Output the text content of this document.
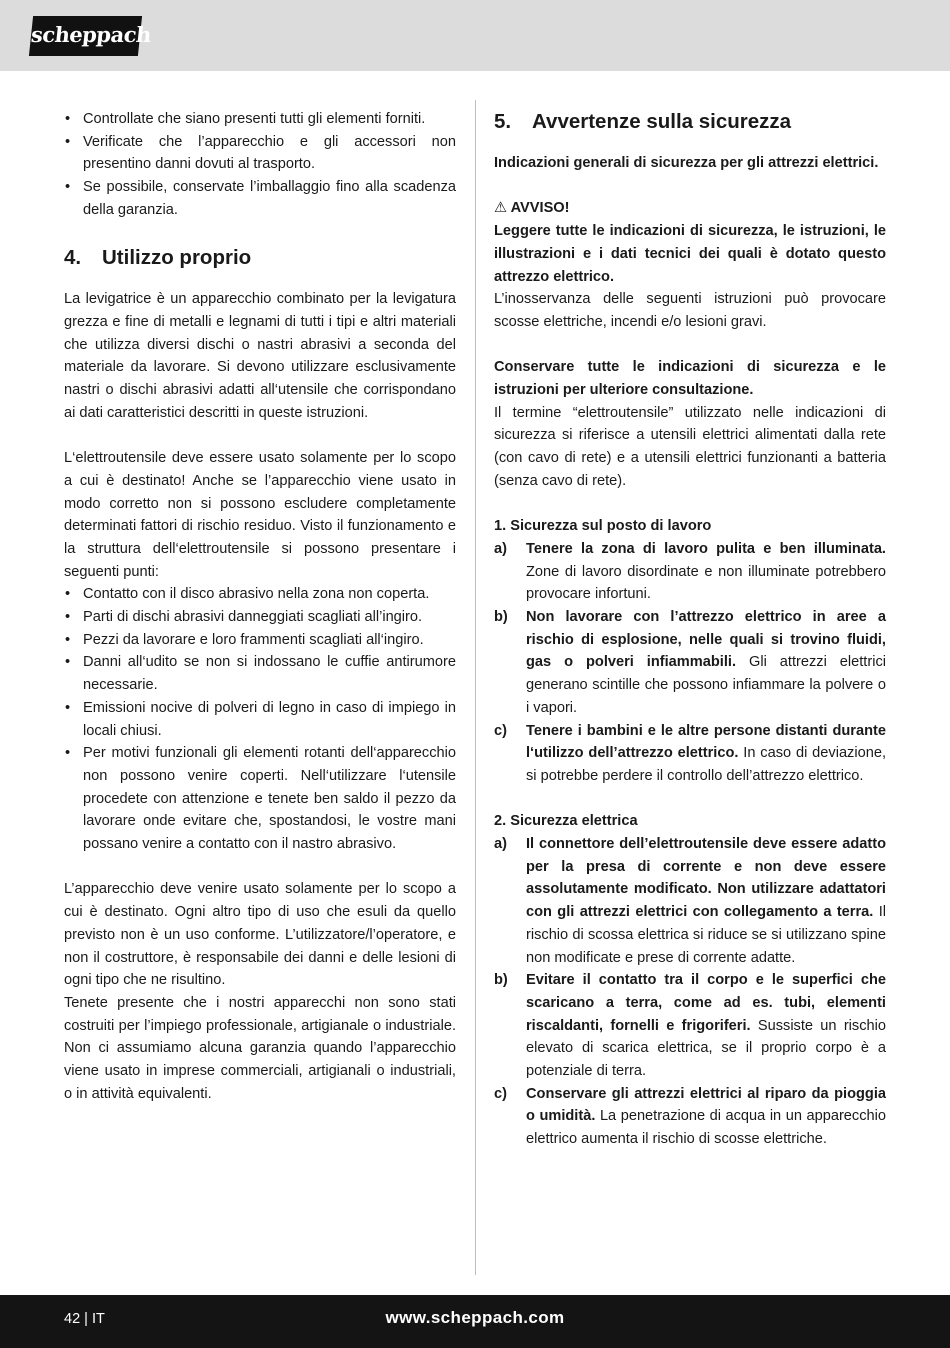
scheppach
• Controllate che siano presenti tutti gli elementi forniti.
• Verificate che l’apparecchio e gli accessori non presentino danni dovuti al trasporto.
• Se possibile, conservate l’imballaggio fino alla scadenza della garanzia.
4.	Utilizzo proprio

La levigatrice è un apparecchio combinato per la levigatura grezza e fine di metalli e legnami di tutti i tipi e altri materiali che utilizza diversi dischi o nastri abrasivi a seconda del materiale da lavorare. Si devono utilizzare esclusivamente nastri o dischi abrasivi adatti all‘utensile che corrispondano ai dati caratteristici descritti in queste istruzioni.

L‘elettroutensile deve essere usato solamente per lo scopo a cui è destinato! Anche se l’apparecchio viene usato in modo corretto non si possono escludere completamente determinati fattori di rischio residuo. Visto il funzionamento e la struttura dell‘elettroutensile si possono presentare i seguenti punti:

• Contatto con il disco abrasivo nella zona non coperta.
• Parti di dischi abrasivi danneggiati scagliati all’ingiro.
• Pezzi da lavorare e loro frammenti scagliati all‘ingiro.
• Danni all‘udito se non si indossano le cuffie antirumore necessarie.
• Emissioni nocive di polveri di legno in caso di impiego in locali chiusi.
• Per motivi funzionali gli elementi rotanti dell‘apparecchio non possono venire coperti. Nell‘utilizzare l‘utensile procedete con attenzione e tenete ben saldo il pezzo da lavorare onde evitare che, spostandosi, le vostre mani possano venire a contatto con il nastro abrasivo.

L’apparecchio deve venire usato solamente per lo scopo a cui è destinato. Ogni altro tipo di uso che esuli da quello previsto non è un uso conforme. L’utilizzatore/l’operatore, e non il costruttore, è responsabile dei danni e delle lesioni di ogni tipo che ne risultino.

Tenete presente che i nostri apparecchi non sono stati costruiti per l’impiego professionale, artigianale o industriale. Non ci assumiamo alcuna garanzia quando l’apparecchio viene usato in imprese commerciali, artigianali o industriali, o in attività equivalenti.

5.	Avvertenze sulla sicurezza

Indicazioni generali di sicurezza per gli attrezzi elettrici.

⚠ AVVISO!

Leggere tutte le indicazioni di sicurezza, le istruzioni, le illustrazioni e i dati tecnici dei quali è dotato questo attrezzo elettrico.

L’inosservanza delle seguenti istruzioni può provocare scosse elettriche, incendi e/o lesioni gravi.

Conservare tutte le indicazioni di sicurezza e le istruzioni per ulteriore consultazione.

Il termine “elettroutensile” utilizzato nelle indicazioni di sicurezza si riferisce a utensili elettrici alimentati dalla rete (con cavo di rete) e a utensili elettrici funzionanti a batteria (senza cavo di rete).

1. Sicurezza sul posto di lavoro

a) Tenere la zona di lavoro pulita e ben illuminata. Zone di lavoro disordinate e non illuminate potrebbero provocare infortuni.
b) Non lavorare con l’attrezzo elettrico in aree a rischio di esplosione, nelle quali si trovino fluidi, gas o polveri infiammabili. Gli attrezzi elettrici generano scintille che possono infiammare la polvere o i vapori.
c) Tenere i bambini e le altre persone distanti durante l‘utilizzo dell’attrezzo elettrico. In caso di deviazione, si potrebbe perdere il controllo dell’attrezzo elettrico.

2. Sicurezza elettrica

a) Il connettore dell’elettroutensile deve essere adatto per la presa di corrente e non deve essere assolutamente modificato. Non utilizzare adattatori con gli attrezzi elettrici con collegamento a terra. Il rischio di scossa elettrica si riduce se si utilizzano spine non modificate e prese di corrente adatte.
b) Evitare il contatto tra il corpo e le superfici che scaricano a terra, come ad es. tubi, elementi riscaldanti, fornelli e frigoriferi. Sussiste un rischio elevato di scarica elettrica, se il proprio corpo è a potenziale di terra.
c) Conservare gli attrezzi elettrici al riparo da pioggia o umidità. La penetrazione di acqua in un apparecchio elettrico aumenta il rischio di scosse elettriche.
42 | IT	www.scheppach.com
